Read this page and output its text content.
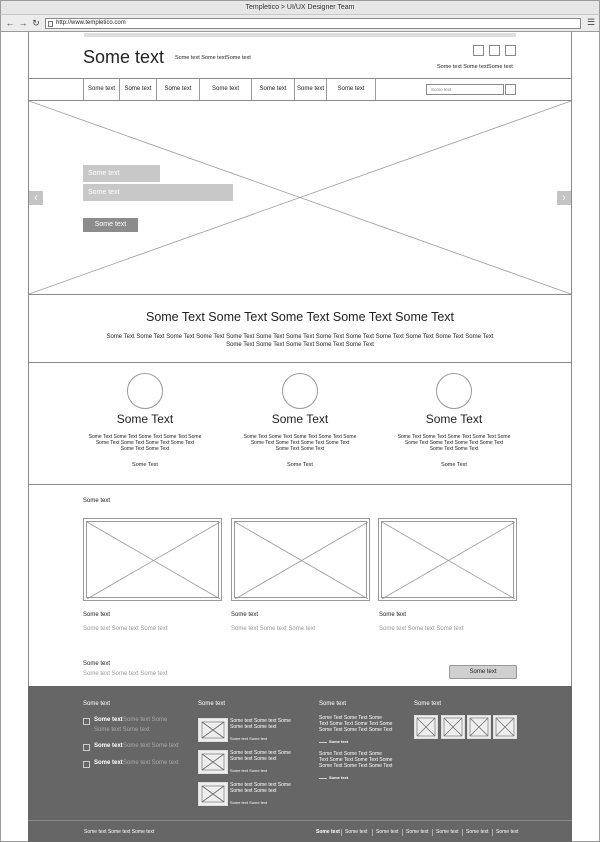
Templetico > UI/UX Designer Team
← → ↻	http://www.templetico.com	☰
Some text Some text Some textSome text
Some text Some textSome text
Some text	Some text	Some text	Some text	Some text	Some text	Some text	Some text
Some text
Some text
Some text
‹	›
Some Text Some Text Some Text Some Text Some Text
Some Text Some Text Some Text Some Text Some Text Some Text Some Text Some Text Some Text Some Text Some Text Some Text Some Text
Some Text Some Text Some Text Some Text Some Text
Some Text
Some Text Some Text Some Text Some Text Some
Some Text Some Text Some Text Some Text
Some Text Some Text
Some Text
Some Text
Some Text Some Text Some Text Some Text Some
Some Text Some Text Some Text Some Text
Some Text Some Text
Some Text
Some Text
Some Text Some Text Some Text Some Text Some
Some Text Some Text Some Text Some Text
Some Text Some Text
Some Text
Some text
Some text
Some text Some text Some text
Some text
Some text Some text Some text
Some text
Some text Some text Some text
Some text
Some text Some text Some text	Some text
Some text
Some text Some text Some
Some text Some text
Some text Some text Some text
Some text Some text Some text
Some text
Some text Some text Some
Some text Some text
Some text Some text
Some text Some text Some
Some text Some text
Some text Some text
Some text Some text Some
Some text Some text
Some text Some text
Some text
Some Text Some Text Some
Text Some Text Some Text Some
Some Text Some Text Some Text
Some text
Some Text Some Text Some
Text Some Text Some Text Some
Some Text Some Text Some Text
Some text
Some text
Some text Some text Some text	Some text	Some text	Some text	Some text	Some text	Some text	Some text
